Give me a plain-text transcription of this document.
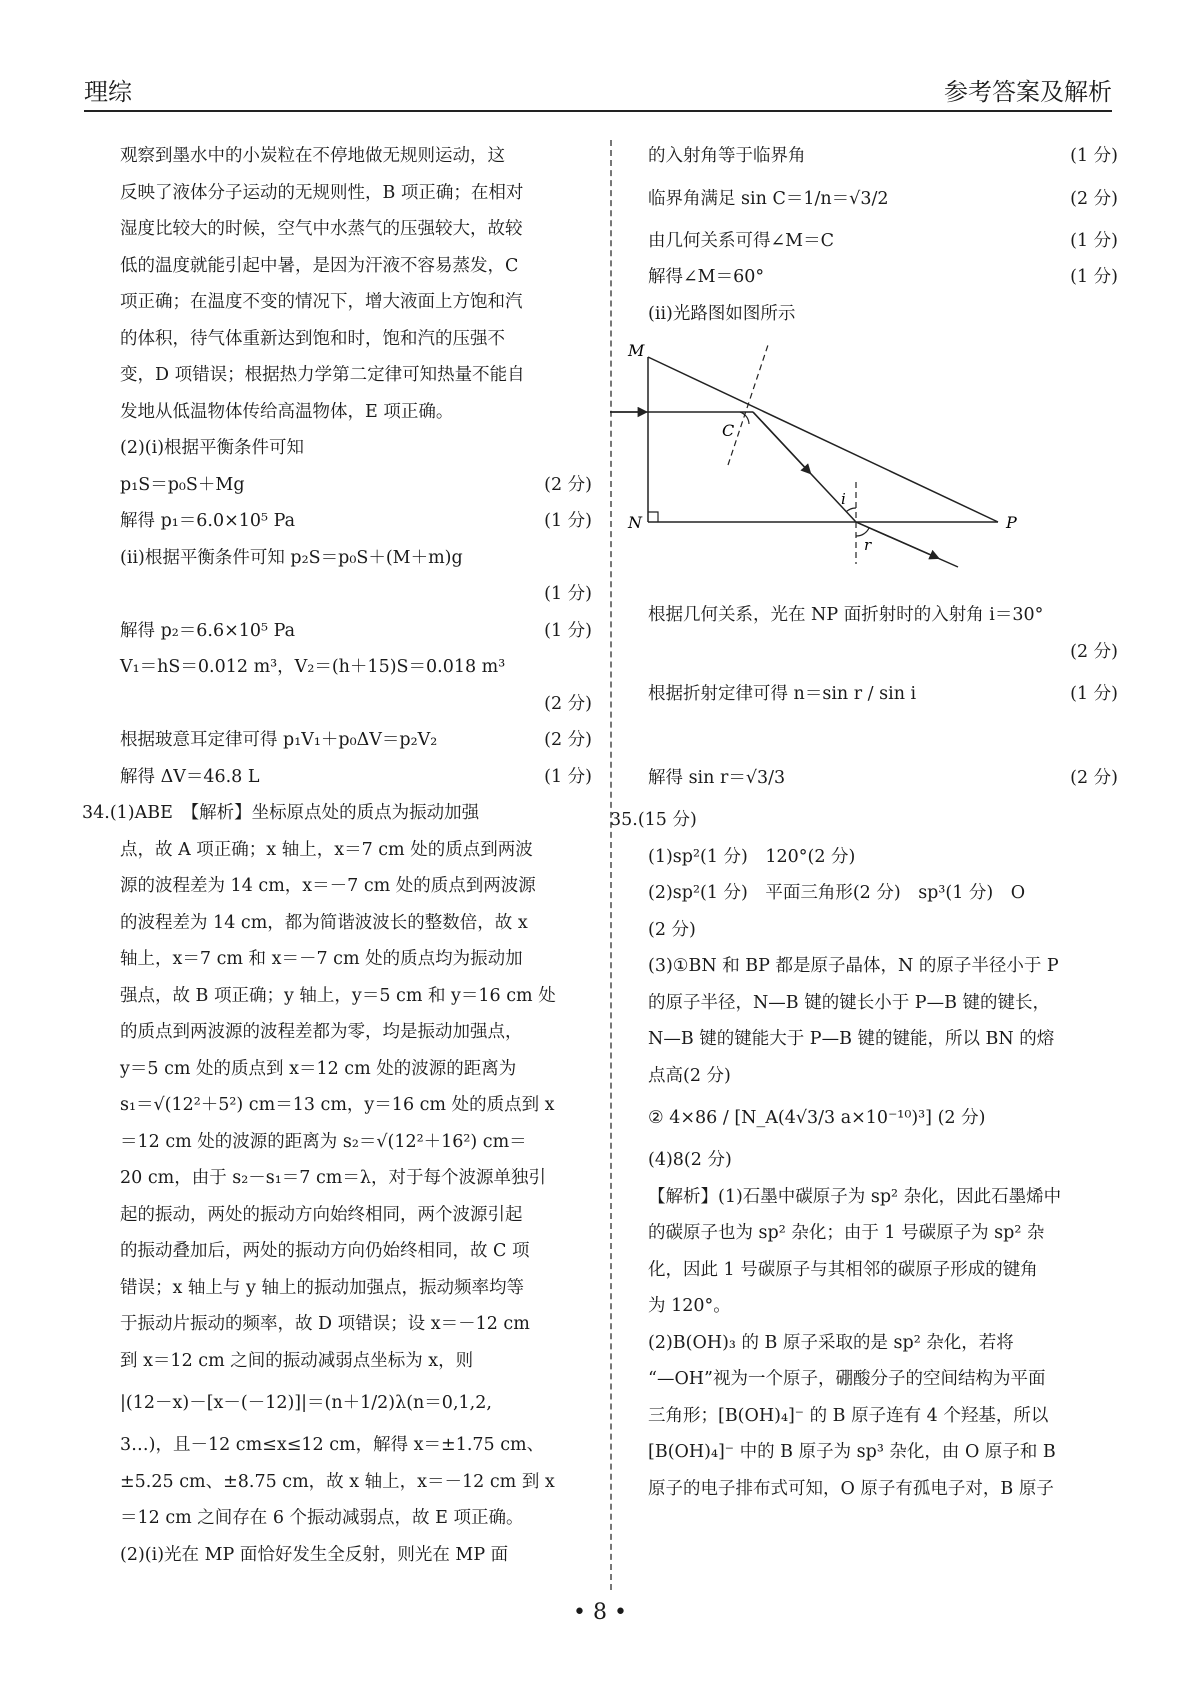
理综	参考答案及解析
观察到墨水中的小炭粒在不停地做无规则运动，这
反映了液体分子运动的无规则性，B 项正确；在相对
湿度比较大的时候，空气中水蒸气的压强较大，故较
低的温度就能引起中暑，是因为汗液不容易蒸发，C
项正确；在温度不变的情况下，增大液面上方饱和汽
的体积，待气体重新达到饱和时，饱和汽的压强不
变，D 项错误；根据热力学第二定律可知热量不能自
发地从低温物体传给高温物体，E 项正确。
(2)(ⅰ)根据平衡条件可知
p₁S＝p₀S＋Mg	(2 分)
解得 p₁＝6.0×10⁵ Pa	(1 分)
(ⅱ)根据平衡条件可知 p₂S＝p₀S＋(M＋m)g
(1 分)
解得 p₂＝6.6×10⁵ Pa	(1 分)
V₁＝hS＝0.012 m³，V₂＝(h＋15)S＝0.018 m³
(2 分)
根据玻意耳定律可得 p₁V₁＋p₀ΔV＝p₂V₂	(2 分)
解得 ΔV＝46.8 L	(1 分)
34.(1)ABE　【解析】坐标原点处的质点为振动加强
点，故 A 项正确；x 轴上，x＝7 cm 处的质点到两波
源的波程差为 14 cm，x＝－7 cm 处的质点到两波源
的波程差为 14 cm，都为简谐波波长的整数倍，故 x
轴上，x＝7 cm 和 x＝－7 cm 处的质点均为振动加
强点，故 B 项正确；y 轴上，y＝5 cm 和 y＝16 cm 处
的质点到两波源的波程差都为零，均是振动加强点，
y＝5 cm 处的质点到 x＝12 cm 处的波源的距离为
s₁＝√(12²＋5²) cm＝13 cm，y＝16 cm 处的质点到 x
＝12 cm 处的波源的距离为 s₂＝√(12²＋16²) cm＝
20 cm，由于 s₂－s₁＝7 cm＝λ，对于每个波源单独引
起的振动，两处的振动方向始终相同，两个波源引起
的振动叠加后，两处的振动方向仍始终相同，故 C 项
错误；x 轴上与 y 轴上的振动加强点，振动频率均等
于振动片振动的频率，故 D 项错误；设 x＝－12 cm
到 x＝12 cm 之间的振动减弱点坐标为 x，则
|(12－x)－[x－(－12)]|＝(n＋1/2)λ(n＝0,1,2,
3…)，且－12 cm≤x≤12 cm，解得 x＝±1.75 cm、
±5.25 cm、±8.75 cm，故 x 轴上，x＝－12 cm 到 x
＝12 cm 之间存在 6 个振动减弱点，故 E 项正确。
(2)(ⅰ)光在 MP 面恰好发生全反射，则光在 MP 面
的入射角等于临界角	(1 分)
临界角满足 sin C＝1/n＝√3/2	(2 分)
由几何关系可得∠M＝C	(1 分)
解得∠M＝60°	(1 分)
(ⅱ)光路图如图所示
M
N	P
C
i
r
根据几何关系，光在 NP 面折射时的入射角 i＝30°
(2 分)
根据折射定律可得 n＝sin r / sin i	(1 分)
解得 sin r＝√3/3	(2 分)
35.(15 分)
(1)sp²(1 分)　120°(2 分)
(2)sp²(1 分)　平面三角形(2 分)　sp³(1 分)　O
(2 分)
(3)①BN 和 BP 都是原子晶体，N 的原子半径小于 P
的原子半径，N—B 键的键长小于 P—B 键的键长，
N—B 键的键能大于 P—B 键的键能，所以 BN 的熔
点高(2 分)
② 4×86 / [N_A(4√3/3 a×10⁻¹⁰)³] (2 分)
(4)8(2 分)
【解析】(1)石墨中碳原子为 sp² 杂化，因此石墨烯中
的碳原子也为 sp² 杂化；由于 1 号碳原子为 sp² 杂
化，因此 1 号碳原子与其相邻的碳原子形成的键角
为 120°。
(2)B(OH)₃ 的 B 原子采取的是 sp² 杂化，若将
“—OH”视为一个原子，硼酸分子的空间结构为平面
三角形；[B(OH)₄]⁻ 的 B 原子连有 4 个羟基，所以
[B(OH)₄]⁻ 中的 B 原子为 sp³ 杂化，由 O 原子和 B
原子的电子排布式可知，O 原子有孤电子对，B 原子
• 8 •
